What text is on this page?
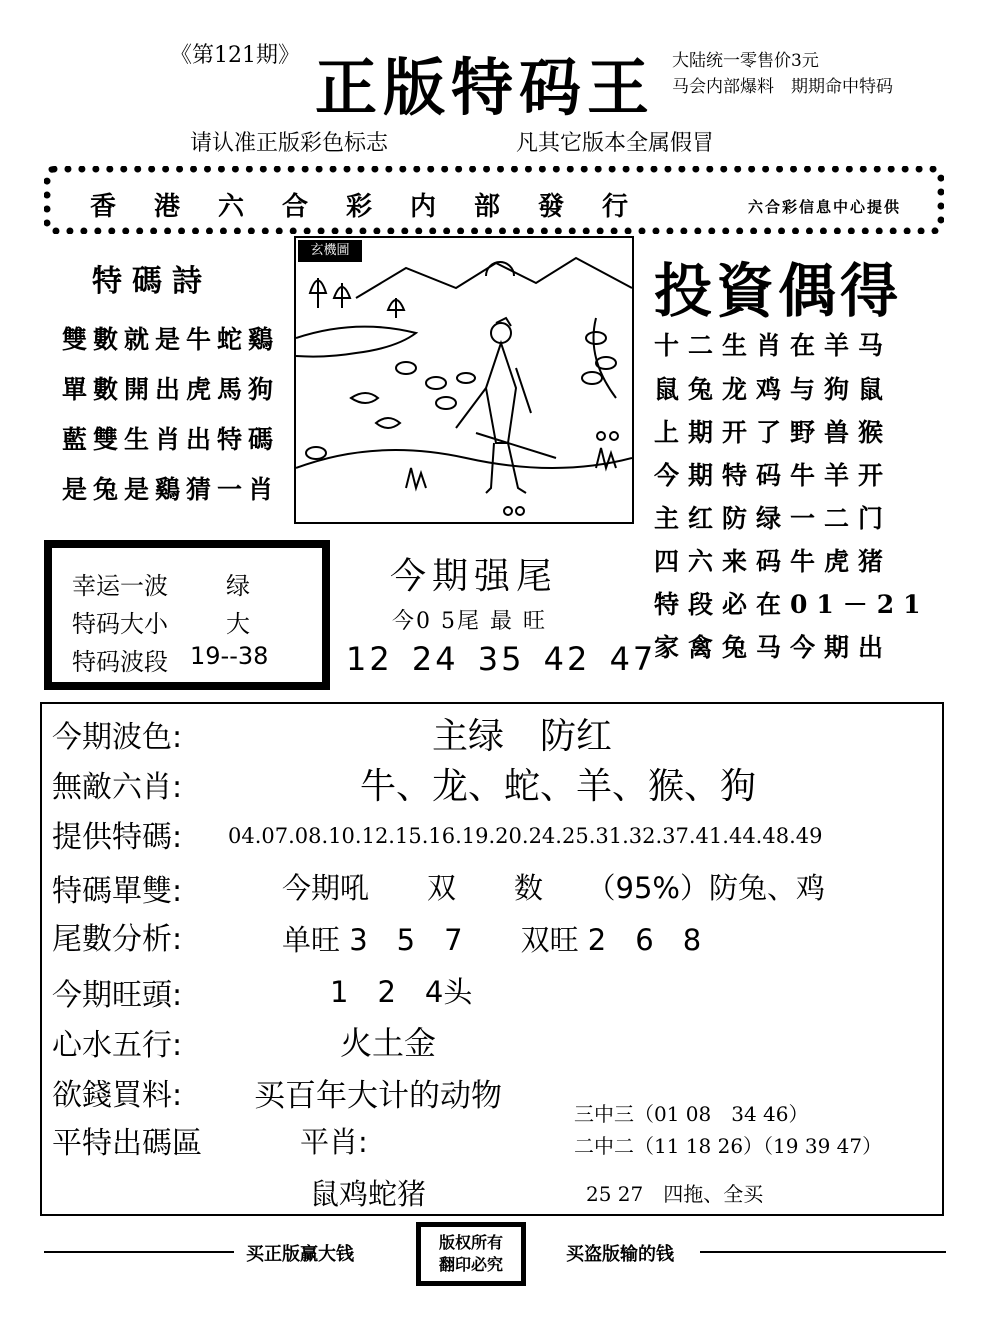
《第121期》 正版特码王 大陆统一零售价3元
马会内部爆料　期期命中特码
请认准正版彩色标志	凡其它版本全属假冒
香港六合彩内部發行	六合彩信息中心提供
特碼詩
雙數就是牛蛇鷄
單數開出虎馬狗
藍雙生肖出特碼
是兔是鷄猜一肖
玄機圖
投資偶得
十二生肖在羊马
鼠兔龙鸡与狗鼠
上期开了野兽猴
今期特码牛羊开
主红防绿一二门
四六来码牛虎猪
特段必在01－21
家禽兔马今期出
幸运一波 绿
特码大小 大
特码波段 19--38
今期强尾
今0 5尾 最 旺
12 24 35 42 47
今期波色:	主绿　防红
無敵六肖:	牛、龙、蛇、羊、猴、狗
提供特碼: 04.07.08.10.12.15.16.19.20.24.25.31.32.37.41.44.48.49
特碼單雙:	今期吼　　双　　数　　（95%）防兔、鸡
尾數分析:	单旺 3　5　7　　双旺 2　6　8
今期旺頭:	1　2　4头
心水五行:	火土金
欲錢買料: 买百年大计的动物
平特出碼區	平肖:
鼠鸡蛇猪
三中三（01 08　34 46）
二中二（11 18 26）（19 39 47）
25 27　四拖、全买
买正版赢大钱
版权所有
翻印必究	买盗版输的钱
